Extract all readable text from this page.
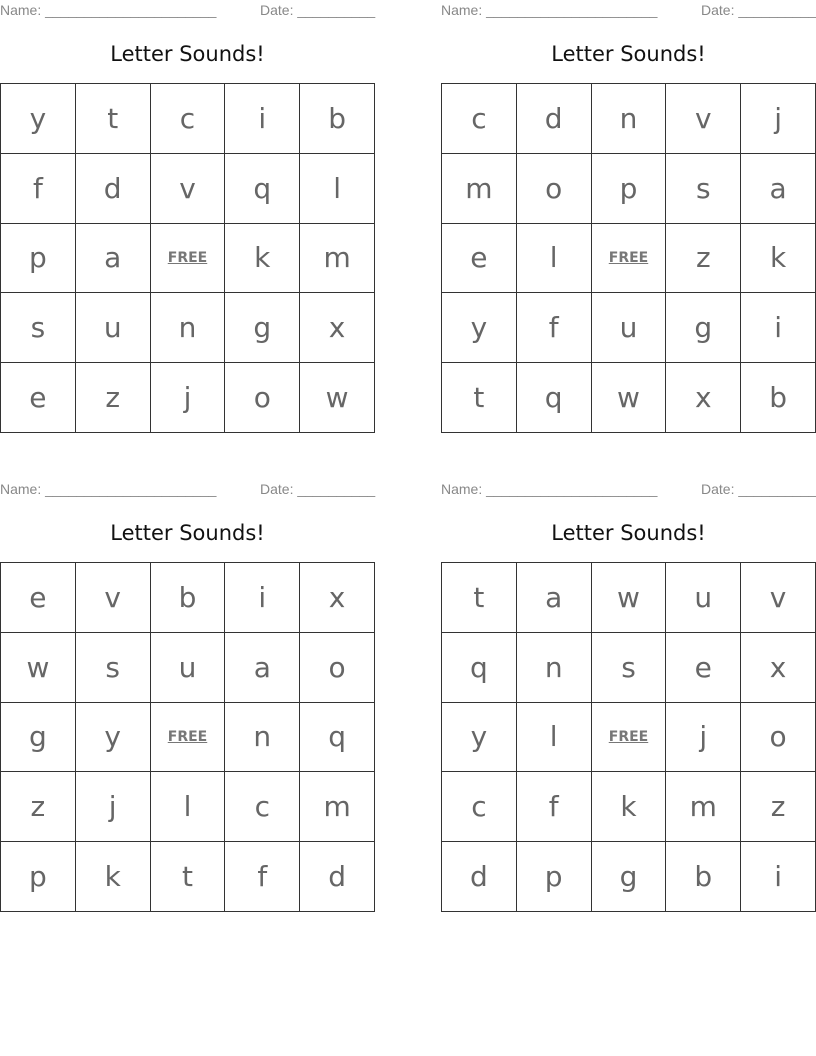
Name: ______________________	Date: __________
Letter Sounds!
y	t	c	i	b
f	d	v	q	l
p	a	FREE	k	m
s	u	n	g	x
e	z	j	o	w
Name: ______________________	Date: __________
Letter Sounds!
c	d	n	v	j
m	o	p	s	a
e	l	FREE	z	k
y	f	u	g	i
t	q	w	x	b
Name: ______________________	Date: __________
Letter Sounds!
e	v	b	i	x
w	s	u	a	o
g	y	FREE	n	q
z	j	l	c	m
p	k	t	f	d
Name: ______________________	Date: __________
Letter Sounds!
t	a	w	u	v
q	n	s	e	x
y	l	FREE	j	o
c	f	k	m	z
d	p	g	b	i
